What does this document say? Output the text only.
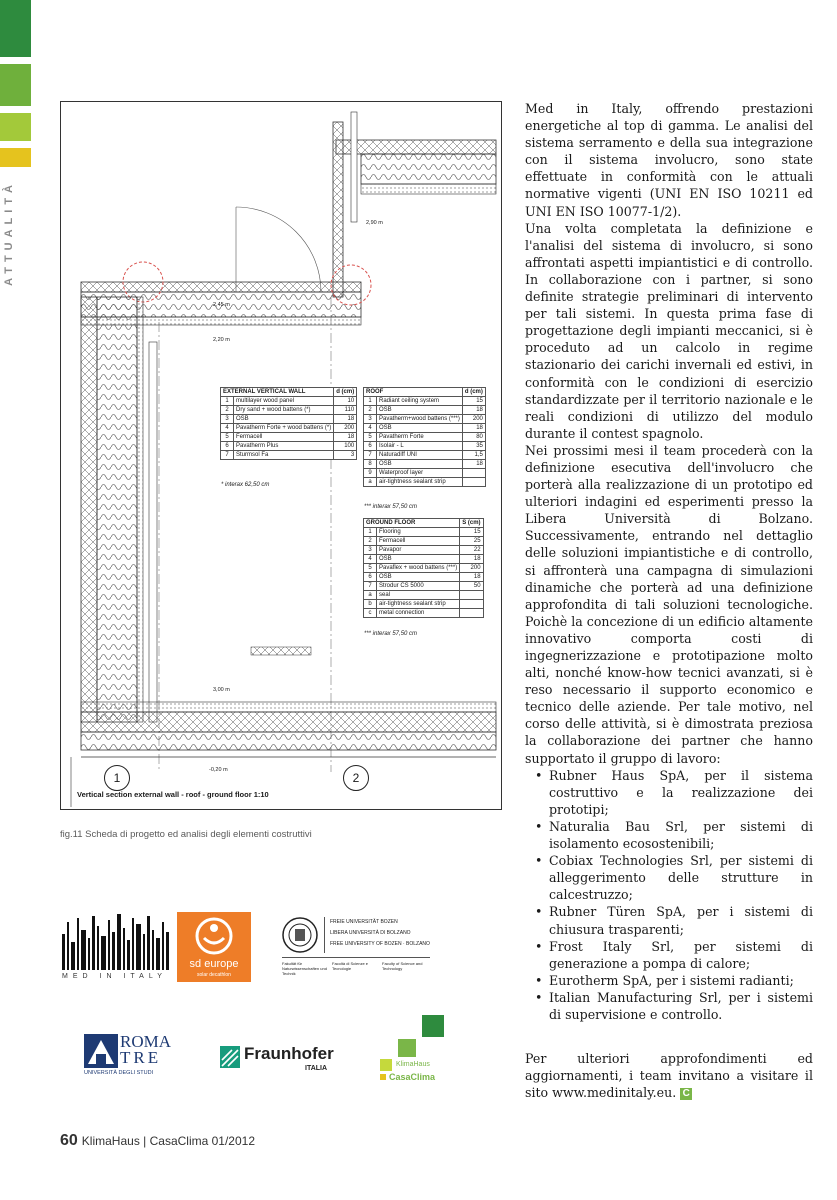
ATTUALITÀ	2,90 m
2,45 m
2,20 m
3,00 m
-0,20 m
EXTERNAL VERTICAL WALL		d (cm)
1	multilayer wood panel	10
2	Dry sand + wood battens (*)	110
3	OSB	18
4	Pavatherm Forte + wood battens (*)	200
5	Fermacell	18
6	Pavatherm Plus	100
7	Sturmsol Fa	3
* interax 62,50 cm
ROOF		d (cm)
1	Radiant ceiling system	15
2	OSB	18
3	Pavatherm+wood battens (***)	200
4	OSB	18
5	Pavatherm Forte	80
6	Isolair - L	35
7	Naturadiff UNI	1,5
8	OSB	18
9	Waterproof layer	
a	air-tightness sealant strip	
*** interax 57,50 cm
GROUND FLOOR		S (cm)
1	Flooring	15
2	Fermacell	25
3	Pavapor	22
4	OSB	18
5	Pavaflex + wood battens (***)	200
6	OSB	18
7	Strodur CS 5000	50
a	seal	
b	air-tightness sealant strip	
c	metal connection	
*** interax 57,50 cm
1	2
Vertical section external wall - roof - ground floor 1:10
fig.11 Scheda di progetto ed analisi degli elementi costruttivi
MED IN ITALY
sd europe
solar decathlon
FREIE UNIVERSITÄT BOZEN
LIBERA UNIVERSITÀ DI BOLZANO
FREE UNIVERSITY OF BOZEN · BOLZANO
Fakultät für Naturwissenschaften und Technik
Facoltà di Scienze e Tecnologie
Faculty of Science and Technology
ROMA
TRE
UNIVERSITÀ DEGLI STUDI
Fraunhofer
ITALIA
KlimaHaus
CasaClima

Med in Italy, offrendo prestazioni energetiche al top di gamma. Le analisi del sistema serramento e della sua integrazione con il sistema involucro, sono state effettuate in conformità con le attuali normative vigenti (UNI EN ISO 10211 ed UNI EN ISO 10077-1/2).

Una volta completata la definizione e l'analisi del sistema di involucro, si sono affrontati aspetti impiantistici e di controllo. In collaborazione con i partner, si sono definite strategie preliminari di intervento per tali sistemi. In questa prima fase di progettazione degli impianti meccanici, si è proceduto ad un calcolo in regime stazionario dei carichi invernali ed estivi, in conformità con le condizioni di esercizio standardizzate per il territorio nazionale e le reali condizioni di utilizzo del modulo durante il contest spagnolo.

Nei prossimi mesi il team procederà con la definizione esecutiva dell'involucro che porterà alla realizzazione di un prototipo ed ulteriori indagini ed esperimenti presso la Libera Università di Bolzano. Successivamente, entrando nel dettaglio delle soluzioni impiantistiche e di controllo, si affronterà una campagna di simulazioni dinamiche che porterà ad una definizione approfondita di tali soluzioni tecnologiche. Poichè la concezione di un edificio altamente innovativo comporta costi di ingegnerizzazione e prototipazione molto alti, nonché know-how tecnici avanzati, si è reso necessario il supporto economico e tecnico delle aziende. Per tale motivo, nel corso delle attività, si è dimostrata preziosa la collaborazione dei partner che hanno supportato il gruppo di lavoro:

• Rubner Haus SpA, per il sistema costruttivo e la realizzazione dei prototipi;
• Naturalia Bau Srl, per sistemi di isolamento ecosostenibili;
• Cobiax Technologies Srl, per sistemi di alleggerimento delle strutture in calcestruzzo;
• Rubner Türen SpA, per i sistemi di chiusura trasparenti;
• Frost Italy Srl, per sistemi di generazione a pompa di calore;
• Eurotherm SpA, per i sistemi radianti;
• Italian Manufacturing Srl, per i sistemi di supervisione e controllo.

Per ulteriori approfondimenti ed aggiornamenti, i team invitano a visitare il sito www.medinitaly.eu. C

60 KlimaHaus | CasaClima 01/2012
